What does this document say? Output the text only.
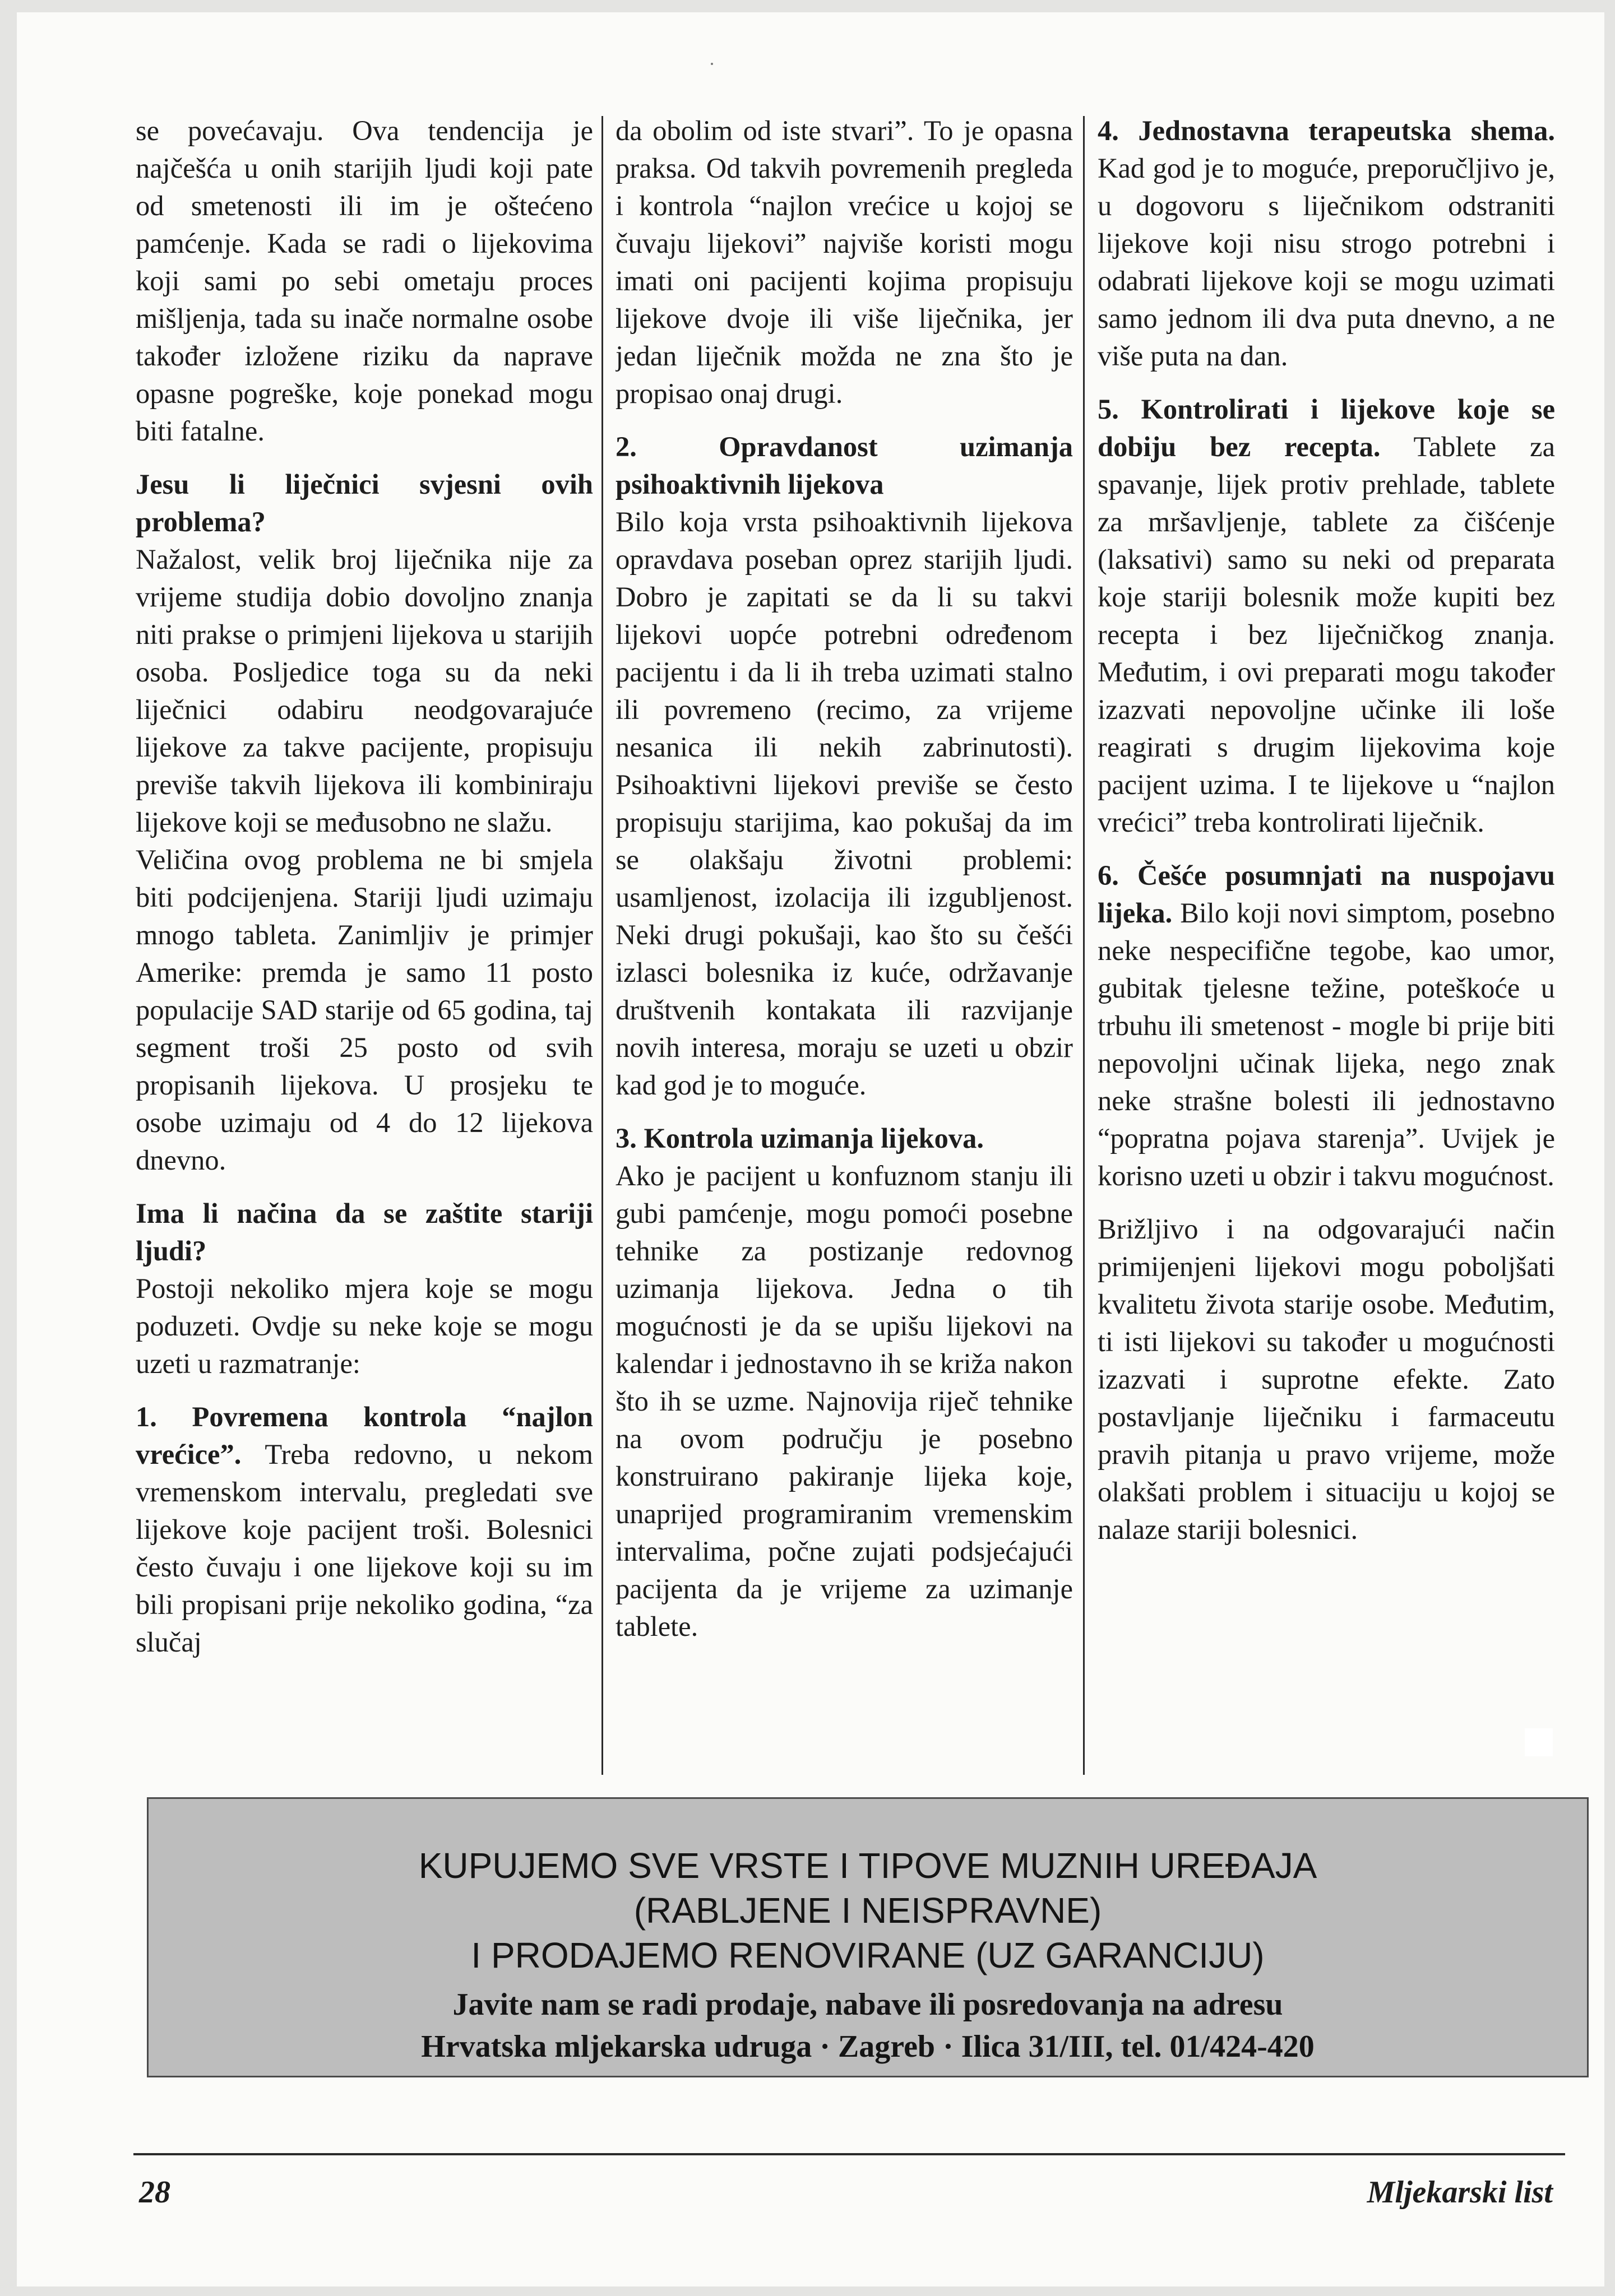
se povećavaju. Ova tendencija je najčešća u onih starijih ljudi koji pate od smetenosti ili im je oštećeno pamćenje. Kada se radi o lijekovima koji sami po sebi ometaju proces mišljenja, tada su inače normalne osobe također izložene riziku da naprave opasne pogreške, koje ponekad mogu biti fatalne.

Jesu li liječnici svjesni ovih problema?

Nažalost, velik broj liječnika nije za vrijeme studija dobio dovoljno znanja niti prakse o primjeni lijekova u starijih osoba. Posljedice toga su da neki liječnici odabiru neodgovarajuće lijekove za takve pacijente, propisuju previše takvih lijekova ili kombiniraju lijekove koji se međusobno ne slažu.

Veličina ovog problema ne bi smjela biti podcijenjena. Stariji ljudi uzimaju mnogo tableta. Zanimljiv je primjer Amerike: premda je samo 11 posto populacije SAD starije od 65 godina, taj segment troši 25 posto od svih propisanih lijekova. U prosjeku te osobe uzimaju od 4 do 12 lijekova dnevno.

Ima li načina da se zaštite stariji ljudi?

Postoji nekoliko mjera koje se mogu poduzeti. Ovdje su neke koje se mogu uzeti u razmatranje:

1. Povremena kontrola “najlon vrećice”. Treba redovno, u nekom vremenskom intervalu, pregledati sve lijekove koje pacijent troši. Bolesnici često čuvaju i one lijekove koji su im bili propisani prije nekoliko godina, “za slučaj

da obolim od iste stvari”. To je opasna praksa. Od takvih povremenih pregleda i kontrola “najlon vrećice u kojoj se čuvaju lijekovi” najviše koristi mogu imati oni pacijenti kojima propisuju lijekove dvoje ili više liječnika, jer jedan liječnik možda ne zna što je propisao onaj drugi.

2. Opravdanost uzimanja psihoaktivnih lijekova

Bilo koja vrsta psihoaktivnih lijekova opravdava poseban oprez starijih ljudi. Dobro je zapitati se da li su takvi lijekovi uopće potrebni određenom pacijentu i da li ih treba uzimati stalno ili povremeno (recimo, za vrijeme nesanica ili nekih zabrinutosti). Psihoaktivni lijekovi previše se često propisuju starijima, kao pokušaj da im se olakšaju životni problemi: usamljenost, izolacija ili izgubljenost. Neki drugi pokušaji, kao što su češći izlasci bolesnika iz kuće, održavanje društvenih kontakata ili razvijanje novih interesa, moraju se uzeti u obzir kad god je to moguće.

3. Kontrola uzimanja lijekova.

Ako je pacijent u konfuznom stanju ili gubi pamćenje, mogu pomoći posebne tehnike za postizanje redovnog uzimanja lijekova. Jedna o tih mogućnosti je da se upišu lijekovi na kalendar i jednostavno ih se križa nakon što ih se uzme. Najnovija riječ tehnike na ovom području je posebno konstruirano pakiranje lijeka koje, unaprijed programiranim vremenskim intervalima, počne zujati podsjećajući pacijenta da je vrijeme za uzimanje tablete.

4. Jednostavna terapeutska shema. Kad god je to moguće, preporučljivo je, u dogovoru s liječnikom odstraniti lijekove koji nisu strogo potrebni i odabrati lijekove koji se mogu uzimati samo jednom ili dva puta dnevno, a ne više puta na dan.

5. Kontrolirati i lijekove koje se dobiju bez recepta. Tablete za spavanje, lijek protiv prehlade, tablete za mršavljenje, tablete za čišćenje (laksativi) samo su neki od preparata koje stariji bolesnik može kupiti bez recepta i bez liječničkog znanja. Međutim, i ovi preparati mogu također izazvati nepovoljne učinke ili loše reagirati s drugim lijekovima koje pacijent uzima. I te lijekove u “najlon vrećici” treba kontrolirati liječnik.

6. Češće posumnjati na nuspojavu lijeka. Bilo koji novi simptom, posebno neke nespecifične tegobe, kao umor, gubitak tjelesne težine, poteškoće u trbuhu ili smetenost - mogle bi prije biti nepovoljni učinak lijeka, nego znak neke strašne bolesti ili jednostavno “popratna pojava starenja”. Uvijek je korisno uzeti u obzir i takvu mogućnost.

Brižljivo i na odgovarajući način primijenjeni lijekovi mogu poboljšati kvalitetu života starije osobe. Međutim, ti isti lijekovi su također u mogućnosti izazvati i suprotne efekte. Zato postavljanje liječniku i farmaceutu pravih pitanja u pravo vrijeme, može olakšati problem i situaciju u kojoj se nalaze stariji bolesnici.

KUPUJEMO SVE VRSTE I TIPOVE MUZNIH UREĐAJA
(RABLJENE I NEISPRAVNE)
I PRODAJEMO RENOVIRANE (UZ GARANCIJU)
Javite nam se radi prodaje, nabave ili posredovanja na adresu
Hrvatska mljekarska udruga · Zagreb · Ilica 31/III, tel. 01/424-420
28	Mljekarski list
